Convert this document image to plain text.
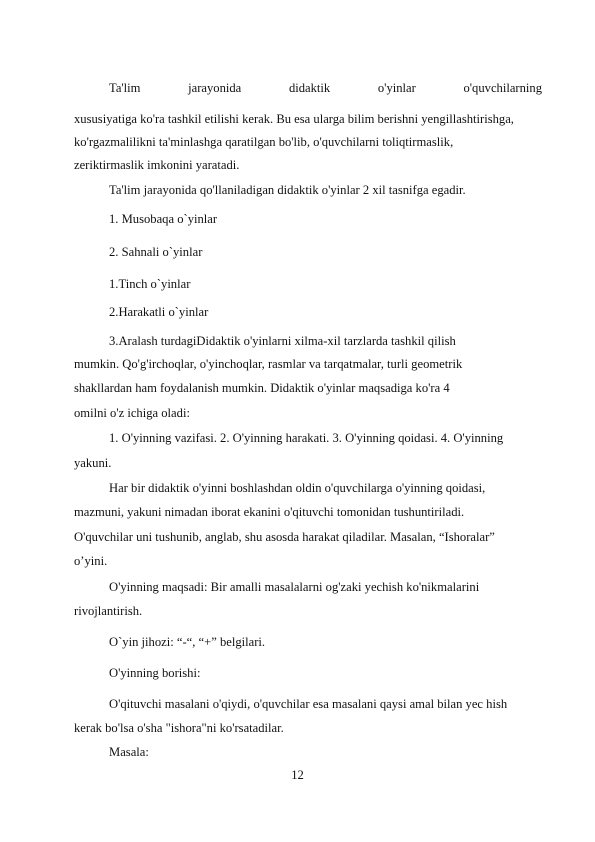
Ta'lim	jarayonida	didaktik	o'yinlar	o'quvchilarning
xususiyatiga ko'ra tashkil etilishi kerak. Bu esa ularga bilim berishni yengillashtirishga,
ko'rgazmalilikni ta'minlashga qaratilgan bo'lib, o'quvchilarni toliqtirmaslik,
zeriktirmaslik imkonini yaratadi.
Ta'lim jarayonida qo'llaniladigan didaktik o'yinlar 2 xil tasnifga egadir.
1. Musobaqa o`yinlar
2. Sahnali o`yinlar
1.Tinch o`yinlar
2.Harakatli o`yinlar
3.Aralash turdagiDidaktik o'yinlarni xilma-xil tarzlarda tashkil qilish
mumkin. Qo'g'irchoqlar, o'yinchoqlar, rasmlar va tarqatmalar, turli geometrik
shakllardan ham foydalanish mumkin. Didaktik o'yinlar maqsadiga ko'ra 4
omilni o'z ichiga oladi:
1. O'yinning vazifasi. 2. O'yinning harakati. 3. O'yinning qoidasi. 4. O'yinning
yakuni.
Har bir didaktik o'yinni boshlashdan oldin o'quvchilarga o'yinning qoidasi,
mazmuni, yakuni nimadan iborat ekanini o'qituvchi tomonidan tushuntiriladi.
O'quvchilar uni tushunib, anglab, shu asosda harakat qiladilar. Masalan, “Ishoralar”
o’yini.
O'yinning maqsadi: Bir amalli masalalarni og'zaki yechish ko'nikmalarini
rivojlantirish.
O`yin jihozi: “-“, “+” belgilari.
O'yinning borishi:
O'qituvchi masalani o'qiydi, o'quvchilar esa masalani qaysi amal bilan yec hish
kerak bo'lsa o'sha "ishora"ni ko'rsatadilar.
Masala:
12
